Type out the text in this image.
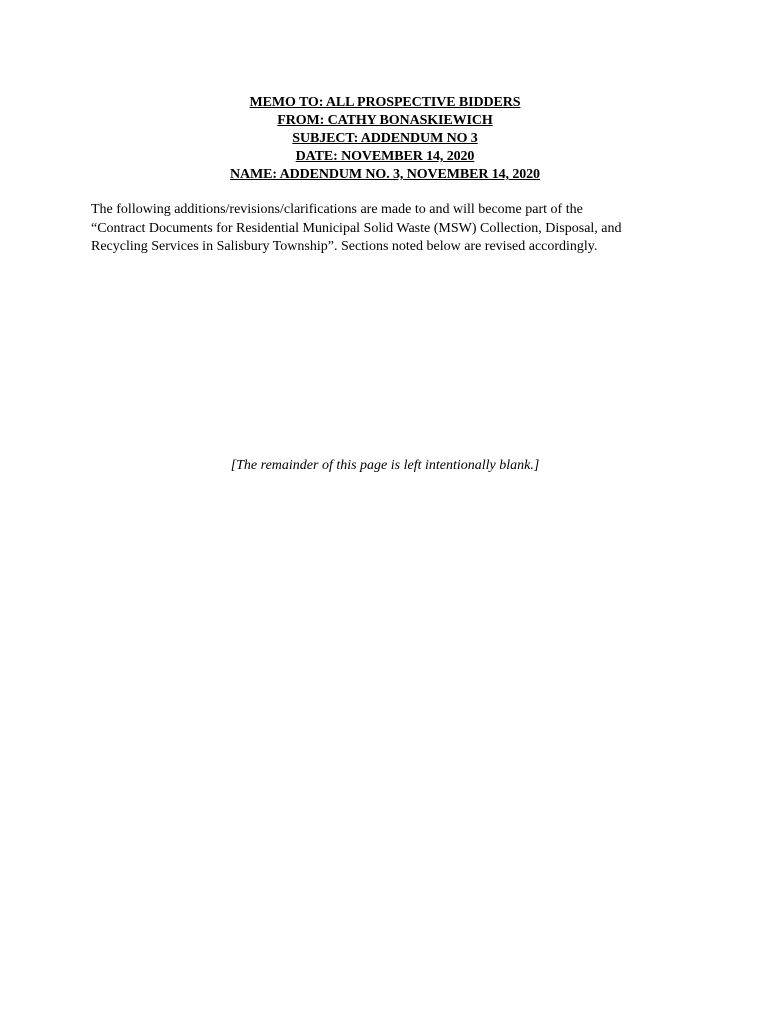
MEMO TO: ALL PROSPECTIVE BIDDERS
FROM: CATHY BONASKIEWICH
SUBJECT: ADDENDUM NO 3
DATE: NOVEMBER 14, 2020
NAME: ADDENDUM NO. 3, NOVEMBER 14, 2020

The following additions/revisions/clarifications are made to and will become part of the
“Contract Documents for Residential Municipal Solid Waste (MSW) Collection, Disposal, and
Recycling Services in Salisbury Township”. Sections noted below are revised accordingly.

[The remainder of this page is left intentionally blank.]
